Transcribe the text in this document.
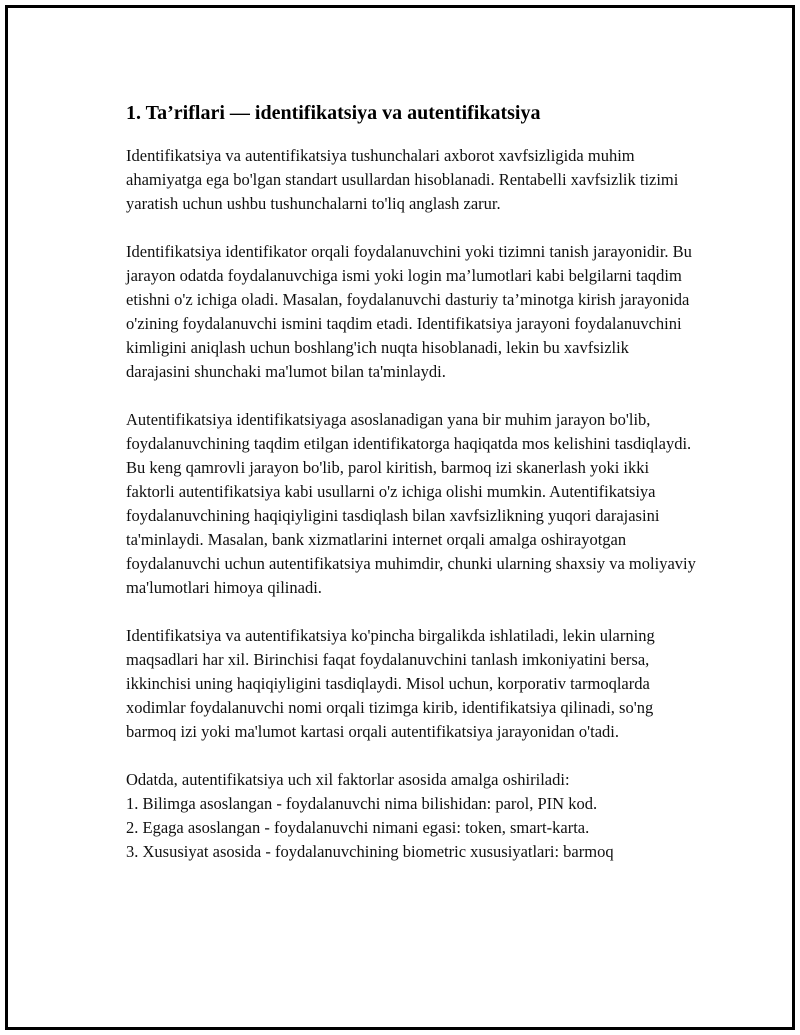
1. Ta’riflari — identifikatsiya va autentifikatsiya

Identifikatsiya va autentifikatsiya tushunchalari axborot xavfsizligida muhim ahamiyatga ega bo'lgan standart usullardan hisoblanadi. Rentabelli xavfsizlik tizimi yaratish uchun ushbu tushunchalarni to'liq anglash zarur.

Identifikatsiya identifikator orqali foydalanuvchini yoki tizimni tanish jarayonidir. Bu jarayon odatda foydalanuvchiga ismi yoki login ma’lumotlari kabi belgilarni taqdim etishni o'z ichiga oladi. Masalan, foydalanuvchi dasturiy ta’minotga kirish jarayonida o'zining foydalanuvchi ismini taqdim etadi. Identifikatsiya jarayoni foydalanuvchini kimligini aniqlash uchun boshlang'ich nuqta hisoblanadi, lekin bu xavfsizlik darajasini shunchaki ma'lumot bilan ta'minlaydi.

Autentifikatsiya identifikatsiyaga asoslanadigan yana bir muhim jarayon bo'lib, foydalanuvchining taqdim etilgan identifikatorga haqiqatda mos kelishini tasdiqlaydi. Bu keng qamrovli jarayon bo'lib, parol kiritish, barmoq izi skanerlash yoki ikki faktorli autentifikatsiya kabi usullarni o'z ichiga olishi mumkin. Autentifikatsiya foydalanuvchining haqiqiyligini tasdiqlash bilan xavfsizlikning yuqori darajasini ta'minlaydi. Masalan, bank xizmatlarini internet orqali amalga oshirayotgan foydalanuvchi uchun autentifikatsiya muhimdir, chunki ularning shaxsiy va moliyaviy ma'lumotlari himoya qilinadi.

Identifikatsiya va autentifikatsiya ko'pincha birgalikda ishlatiladi, lekin ularning maqsadlari har xil. Birinchisi faqat foydalanuvchini tanlash imkoniyatini bersa, ikkinchisi uning haqiqiyligini tasdiqlaydi. Misol uchun, korporativ tarmoqlarda xodimlar foydalanuvchi nomi orqali tizimga kirib, identifikatsiya qilinadi, so'ng barmoq izi yoki ma'lumot kartasi orqali autentifikatsiya jarayonidan o'tadi.

Odatda, autentifikatsiya uch xil faktorlar asosida amalga oshiriladi:

1. Bilimga asoslangan - foydalanuvchi nima bilishidan: parol, PIN kod.
2. Egaga asoslangan - foydalanuvchi nimani egasi: token, smart-karta.
3. Xususiyat asosida - foydalanuvchining biometric xususiyatlari: barmoq
